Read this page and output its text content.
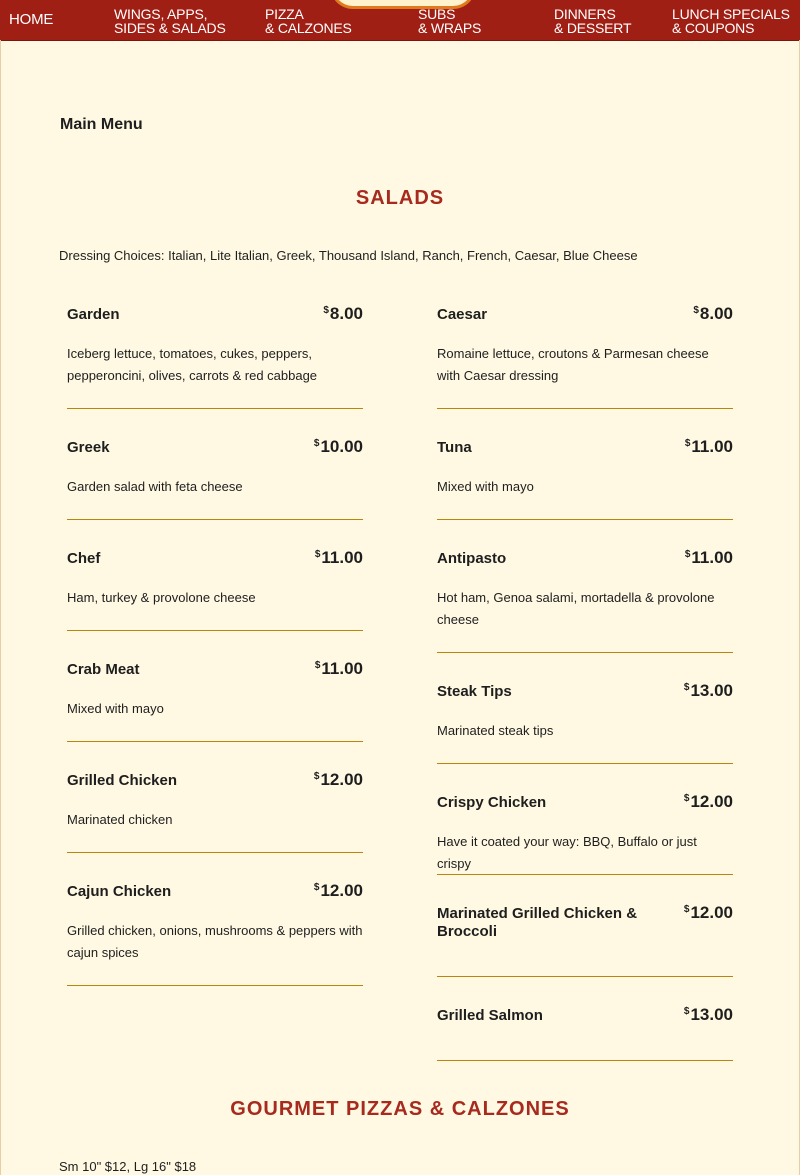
HOME	WINGS, APPS,
SIDES & SALADS
PIZZA
& CALZONES
SUBS
& WRAPS
DINNERS
& DESSERT
LUNCH SPECIALS
& COUPONS
Main Menu
SALADS
Dressing Choices: Italian, Lite Italian, Greek, Thousand Island, Ranch, French, Caesar, Blue Cheese
Garden	$8.00
Iceberg lettuce, tomatoes, cukes, peppers, pepperoncini, olives, carrots & red cabbage
Greek	$10.00
Garden salad with feta cheese
Chef	$11.00
Ham, turkey & provolone cheese
Crab Meat	$11.00
Mixed with mayo
Grilled Chicken	$12.00
Marinated chicken
Cajun Chicken	$12.00
Grilled chicken, onions, mushrooms & peppers with cajun spices
Caesar	$8.00
Romaine lettuce, croutons & Parmesan cheese with Caesar dressing
Tuna	$11.00
Mixed with mayo
Antipasto	$11.00
Hot ham, Genoa salami, mortadella & provolone cheese
Steak Tips	$13.00
Marinated steak tips
Crispy Chicken	$12.00
Have it coated your way: BBQ, Buffalo or just crispy
Marinated Grilled Chicken & Broccoli
$12.00
Grilled Salmon	$13.00
GOURMET PIZZAS & CALZONES
Sm 10" $12, Lg 16" $18
